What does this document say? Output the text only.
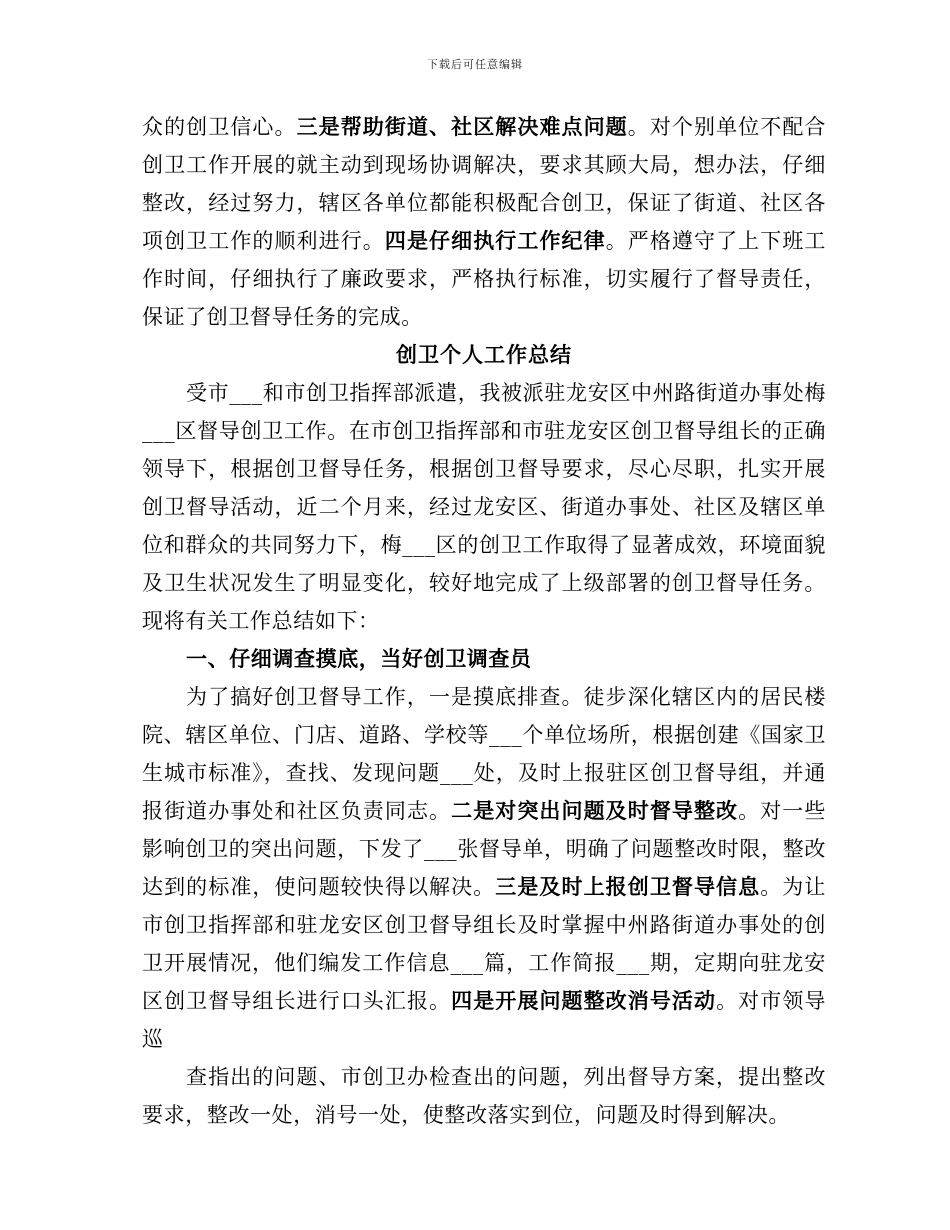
下载后可任意编辑

众的创卫信心。三是帮助街道、社区解决难点问题。对个别单位不配合创卫工作开展的就主动到现场协调解决，要求其顾大局，想办法，仔细整改，经过努力，辖区各单位都能积极配合创卫，保证了街道、社区各项创卫工作的顺利进行。四是仔细执行工作纪律。严格遵守了上下班工作时间，仔细执行了廉政要求，严格执行标准，切实履行了督导责任，保证了创卫督导任务的完成。

创卫个人工作总结

受市___和市创卫指挥部派遣，我被派驻龙安区中州路街道办事处梅___区督导创卫工作。在市创卫指挥部和市驻龙安区创卫督导组长的正确领导下，根据创卫督导任务，根据创卫督导要求，尽心尽职，扎实开展创卫督导活动，近二个月来，经过龙安区、街道办事处、社区及辖区单位和群众的共同努力下，梅___区的创卫工作取得了显著成效，环境面貌及卫生状况发生了明显变化，较好地完成了上级部署的创卫督导任务。现将有关工作总结如下：

一、仔细调查摸底，当好创卫调查员

为了搞好创卫督导工作，一是摸底排查。徒步深化辖区内的居民楼院、辖区单位、门店、道路、学校等___个单位场所，根据创建《国家卫生城市标准》，查找、发现问题___处，及时上报驻区创卫督导组，并通报街道办事处和社区负责同志。二是对突出问题及时督导整改。对一些影响创卫的突出问题，下发了___张督导单，明确了问题整改时限，整改达到的标准，使问题较快得以解决。三是及时上报创卫督导信息。为让市创卫指挥部和驻龙安区创卫督导组长及时掌握中州路街道办事处的创卫开展情况，他们编发工作信息___篇，工作简报___期，定期向驻龙安区创卫督导组长进行口头汇报。四是开展问题整改消号活动。对市领导巡

查指出的问题、市创卫办检查出的问题，列出督导方案，提出整改要求，整改一处，消号一处，使整改落实到位，问题及时得到解决。
